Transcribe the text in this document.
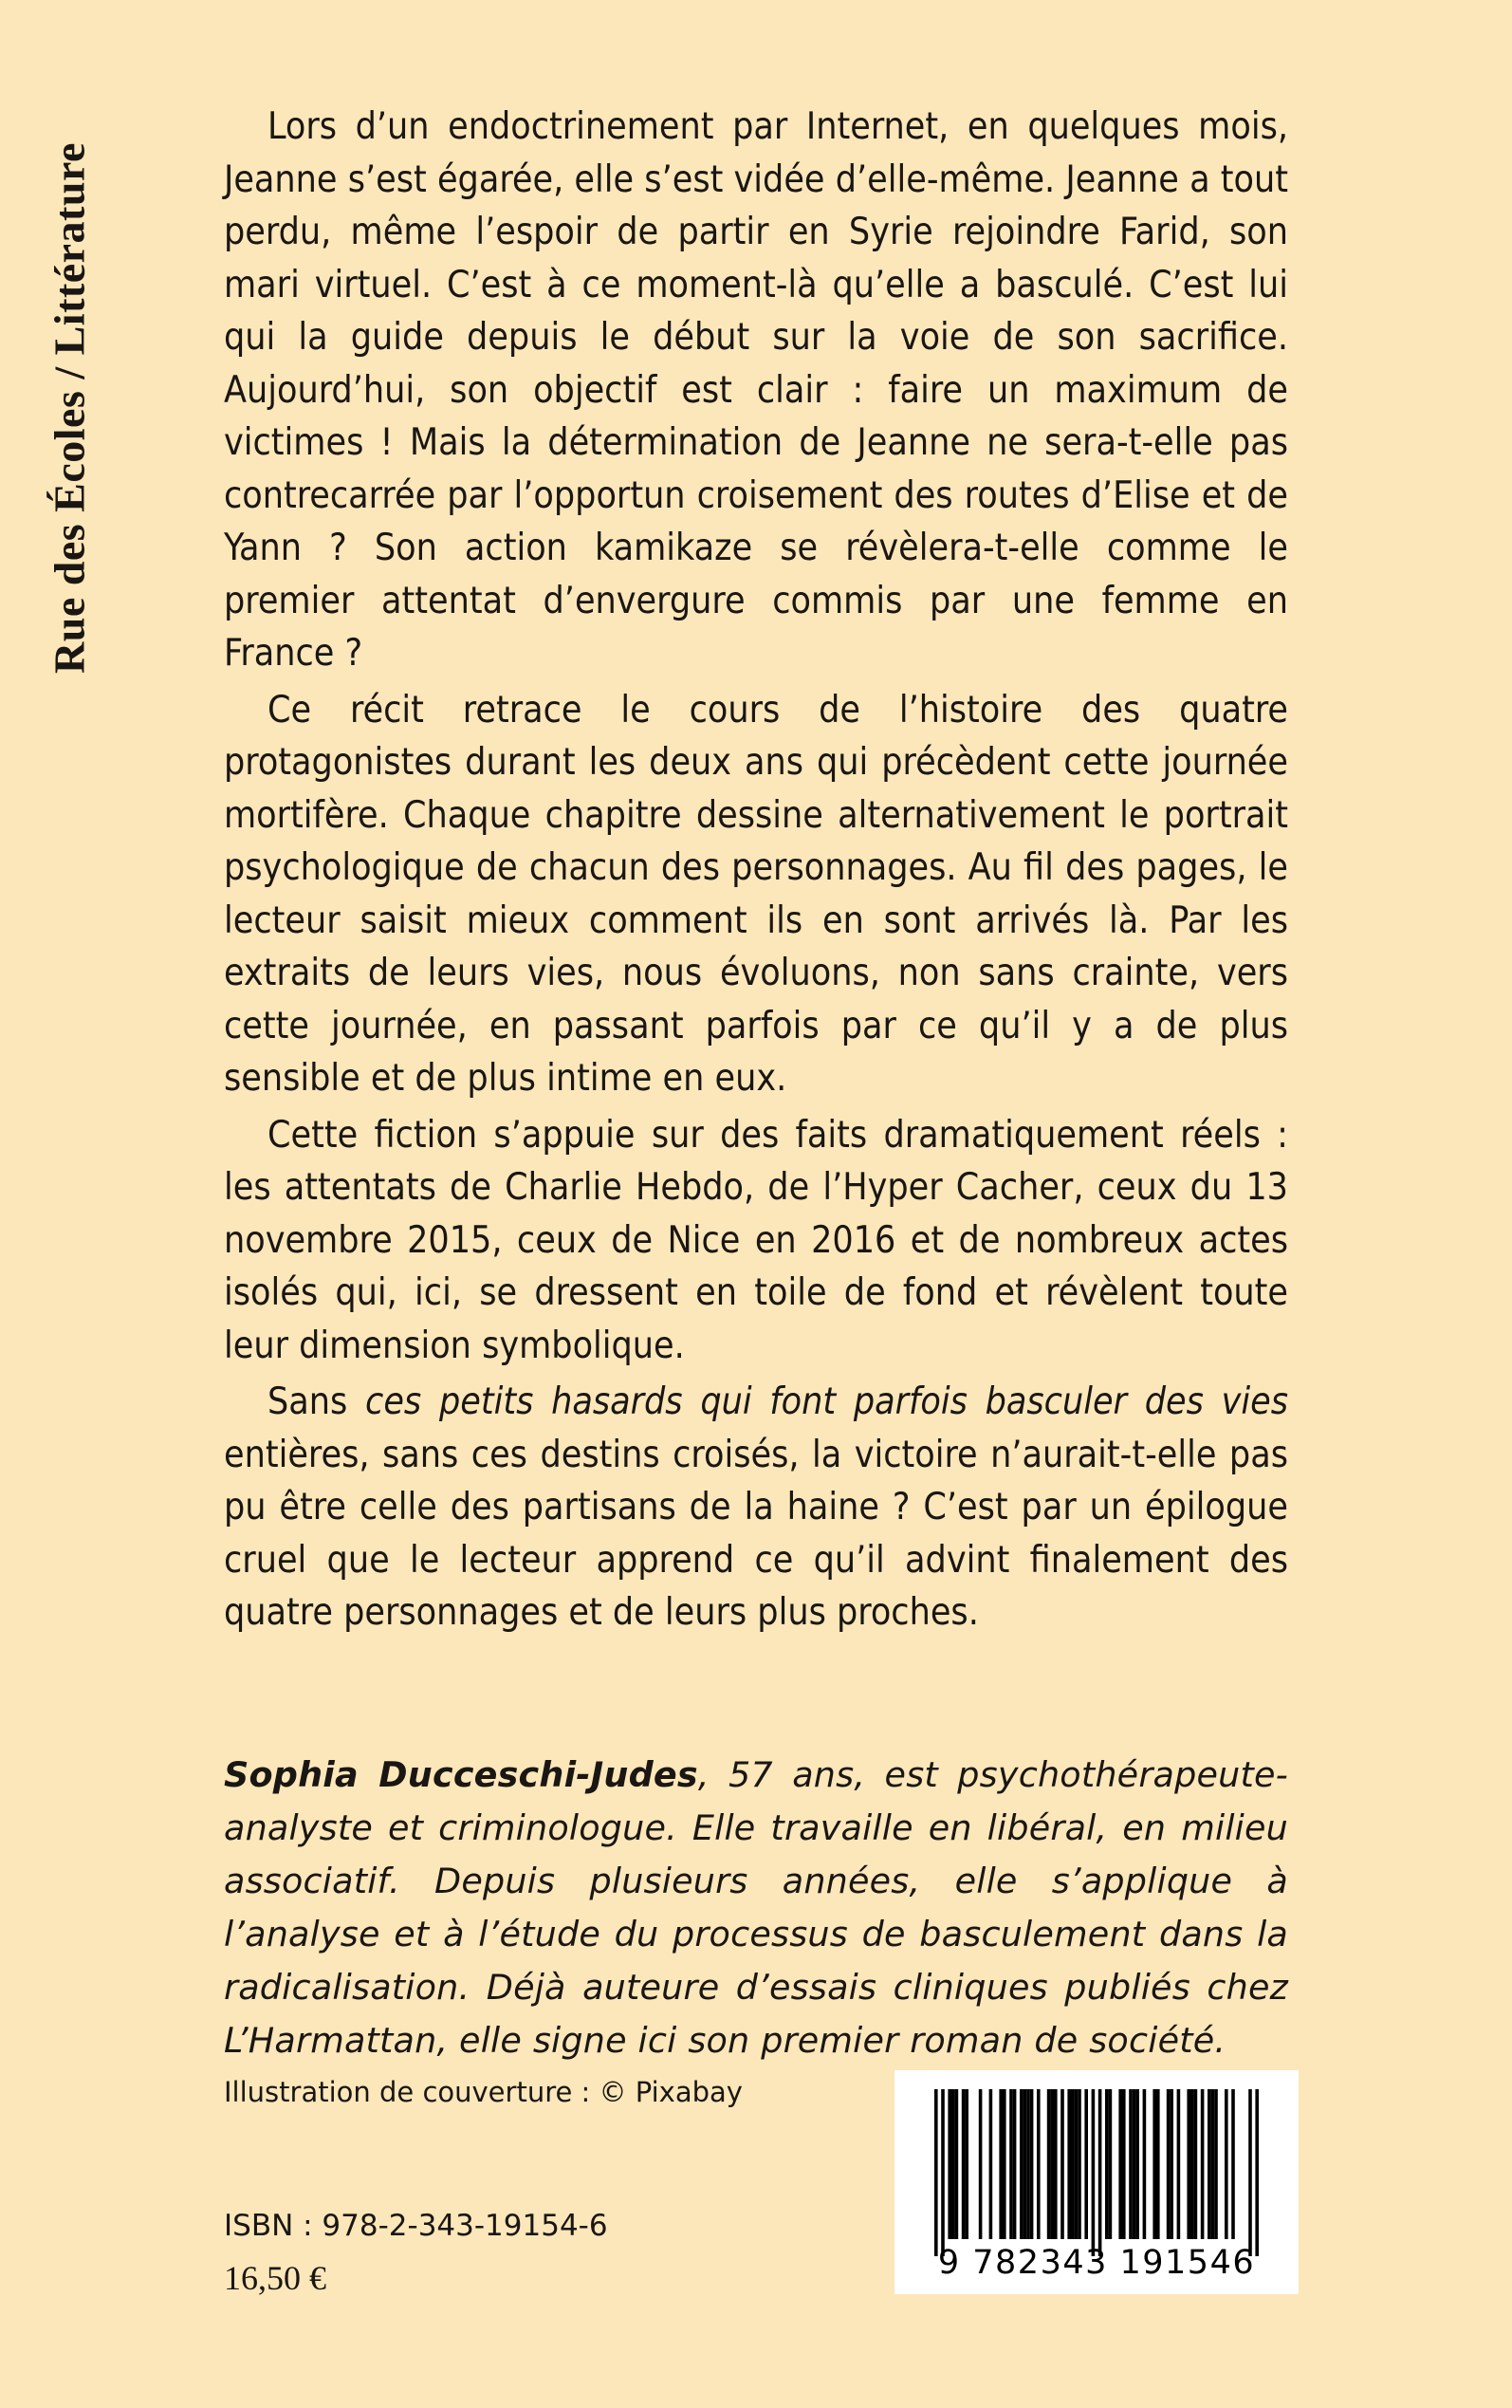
Rue des Écoles / Littérature

Lors d’un endoctrinement par Internet, en quelques mois, Jeanne s’est égarée, elle s’est vidée d’elle-même. Jeanne a tout perdu, même l’espoir de partir en Syrie rejoindre Farid, son mari virtuel. C’est à ce moment-là qu’elle a basculé. C’est lui qui la guide depuis le début sur la voie de son sacrifice. Aujourd’hui, son objectif est clair : faire un maximum de victimes ! Mais la détermination de Jeanne ne sera-t-elle pas contrecarrée par l’opportun croisement des routes d’Elise et de Yann ? Son action kamikaze se révèlera-t-elle comme le premier attentat d’envergure commis par une femme en France ?

Ce récit retrace le cours de l’histoire des quatre protagonistes durant les deux ans qui précèdent cette journée mortifère. Chaque chapitre dessine alternativement le portrait psychologique de chacun des personnages. Au fil des pages, le lecteur saisit mieux comment ils en sont arrivés là. Par les extraits de leurs vies, nous évoluons, non sans crainte, vers cette journée, en passant parfois par ce qu’il y a de plus sensible et de plus intime en eux.

Cette fiction s’appuie sur des faits dramatiquement réels : les attentats de Charlie Hebdo, de l’Hyper Cacher, ceux du 13 novembre 2015, ceux de Nice en 2016 et de nombreux actes isolés qui, ici, se dressent en toile de fond et révèlent toute leur dimension symbolique.

Sans ces petits hasards qui font parfois basculer des vies entières, sans ces destins croisés, la victoire n’aurait-t-elle pas pu être celle des partisans de la haine ? C’est par un épilogue cruel que le lecteur apprend ce qu’il advint finalement des quatre personnages et de leurs plus proches.

Sophia Ducceschi-Judes, 57 ans, est psychothérapeute-analyste et criminologue. Elle travaille en libéral, en milieu associatif. Depuis plusieurs années, elle s’applique à l’analyse et à l’étude du processus de basculement dans la radicalisation. Déjà auteure d’essais cliniques publiés chez L’Harmattan, elle signe ici son premier roman de société.
Illustration de couverture : © Pixabay
ISBN : 978-2-343-19154-6
16,50 €	9 782343 191546
